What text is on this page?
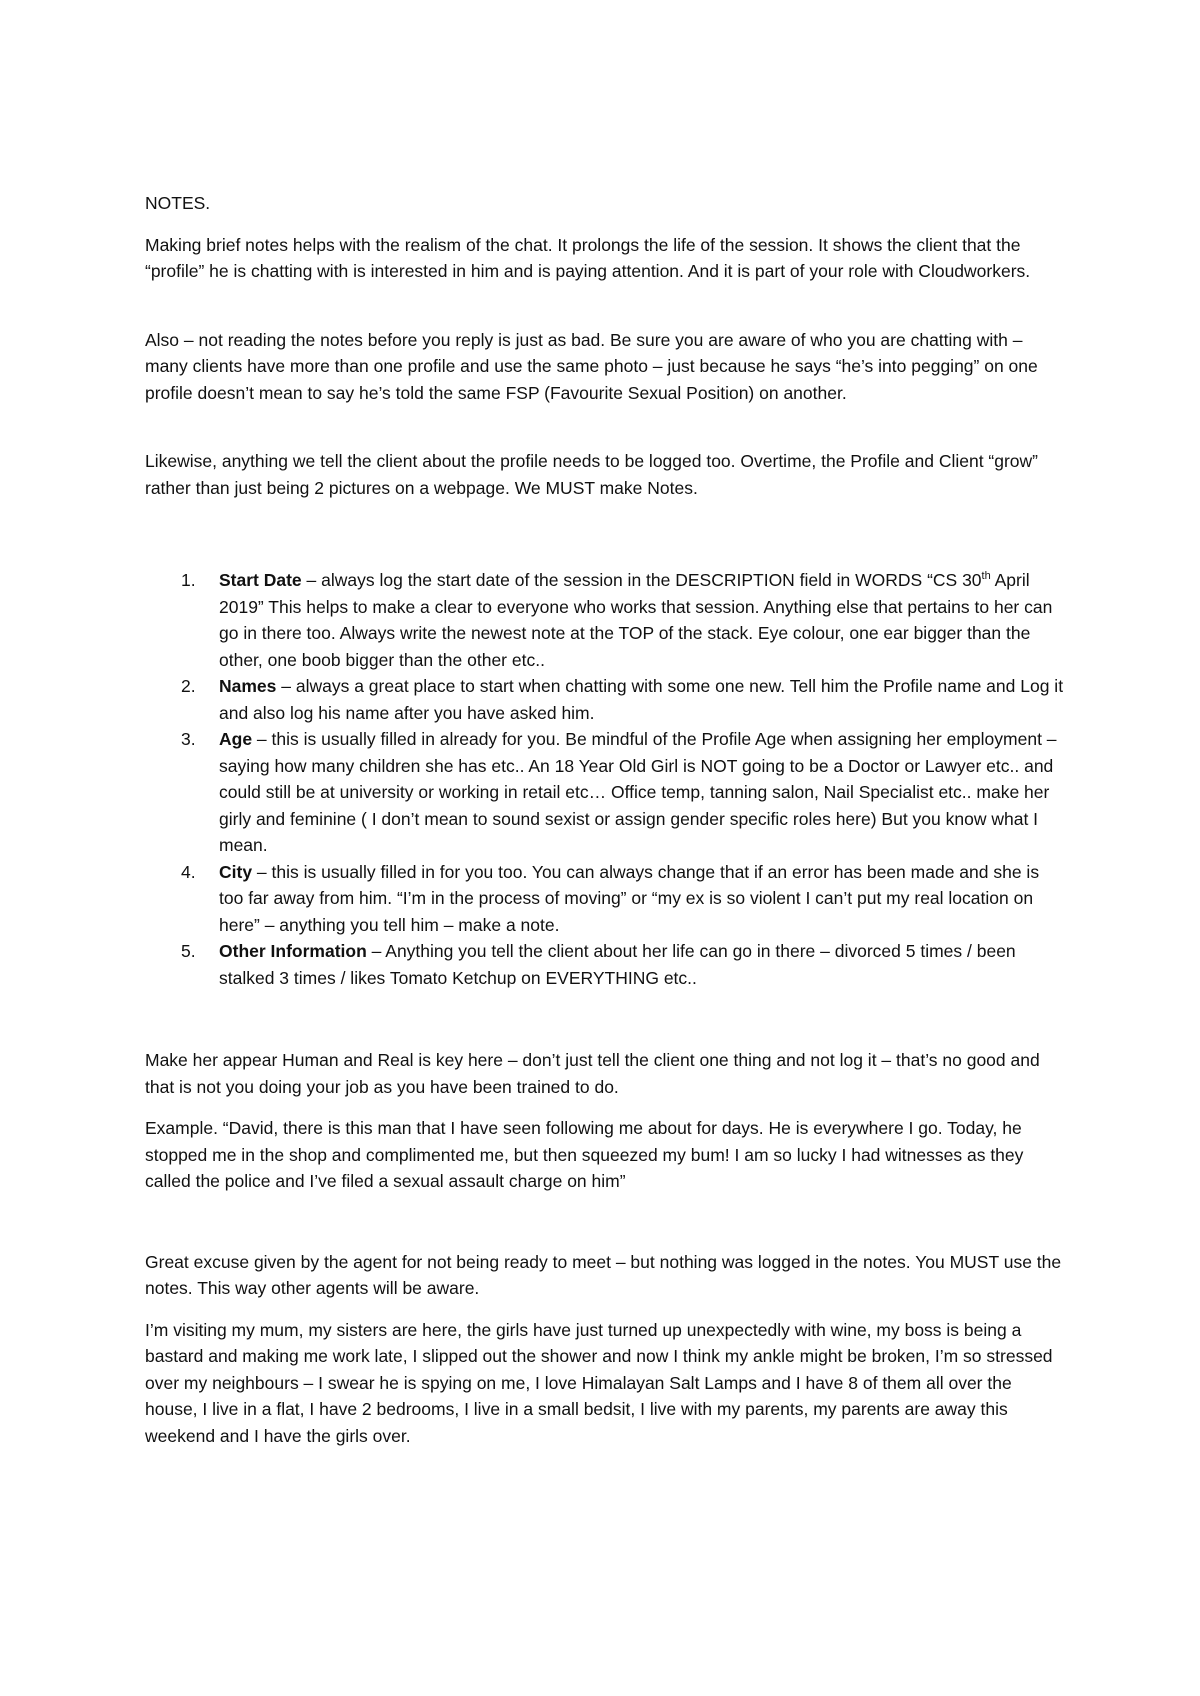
NOTES.

Making brief notes helps with the realism of the chat. It prolongs the life of the session. It shows the client that the “profile” he is chatting with is interested in him and is paying attention. And it is part of your role with Cloudworkers.

Also – not reading the notes before you reply is just as bad. Be sure you are aware of who you are chatting with – many clients have more than one profile and use the same photo – just because he says “he’s into pegging” on one profile doesn’t mean to say he’s told the same FSP (Favourite Sexual Position) on another.

Likewise, anything we tell the client about the profile needs to be logged too. Overtime, the Profile and Client “grow” rather than just being 2 pictures on a webpage. We MUST make Notes.

1. Start Date – always log the start date of the session in the DESCRIPTION field in WORDS “CS 30th April 2019” This helps to make a clear to everyone who works that session. Anything else that pertains to her can go in there too. Always write the newest note at the TOP of the stack. Eye colour, one ear bigger than the other, one boob bigger than the other etc..
2. Names – always a great place to start when chatting with some one new. Tell him the Profile name and Log it and also log his name after you have asked him.
3. Age – this is usually filled in already for you. Be mindful of the Profile Age when assigning her employment – saying how many children she has etc.. An 18 Year Old Girl is NOT going to be a Doctor or Lawyer etc.. and could still be at university or working in retail etc… Office temp, tanning salon, Nail Specialist etc.. make her girly and feminine ( I don’t mean to sound sexist or assign gender specific roles here) But you know what I mean.
4. City – this is usually filled in for you too. You can always change that if an error has been made and she is too far away from him. “I’m in the process of moving” or “my ex is so violent I can’t put my real location on here” – anything you tell him – make a note.
5. Other Information – Anything you tell the client about her life can go in there – divorced 5 times / been stalked 3 times / likes Tomato Ketchup on EVERYTHING etc..

Make her appear Human and Real is key here – don’t just tell the client one thing and not log it – that’s no good and that is not you doing your job as you have been trained to do.

Example. “David, there is this man that I have seen following me about for days. He is everywhere I go. Today, he stopped me in the shop and complimented me, but then squeezed my bum! I am so lucky I had witnesses as they called the police and I’ve filed a sexual assault charge on him”

Great excuse given by the agent for not being ready to meet – but nothing was logged in the notes. You MUST use the notes. This way other agents will be aware.

I’m visiting my mum, my sisters are here, the girls have just turned up unexpectedly with wine, my boss is being a bastard and making me work late, I slipped out the shower and now I think my ankle might be broken, I’m so stressed over my neighbours – I swear he is spying on me, I love Himalayan Salt Lamps and I have 8 of them all over the house, I live in a flat, I have 2 bedrooms, I live in a small bedsit, I live with my parents, my parents are away this weekend and I have the girls over.
